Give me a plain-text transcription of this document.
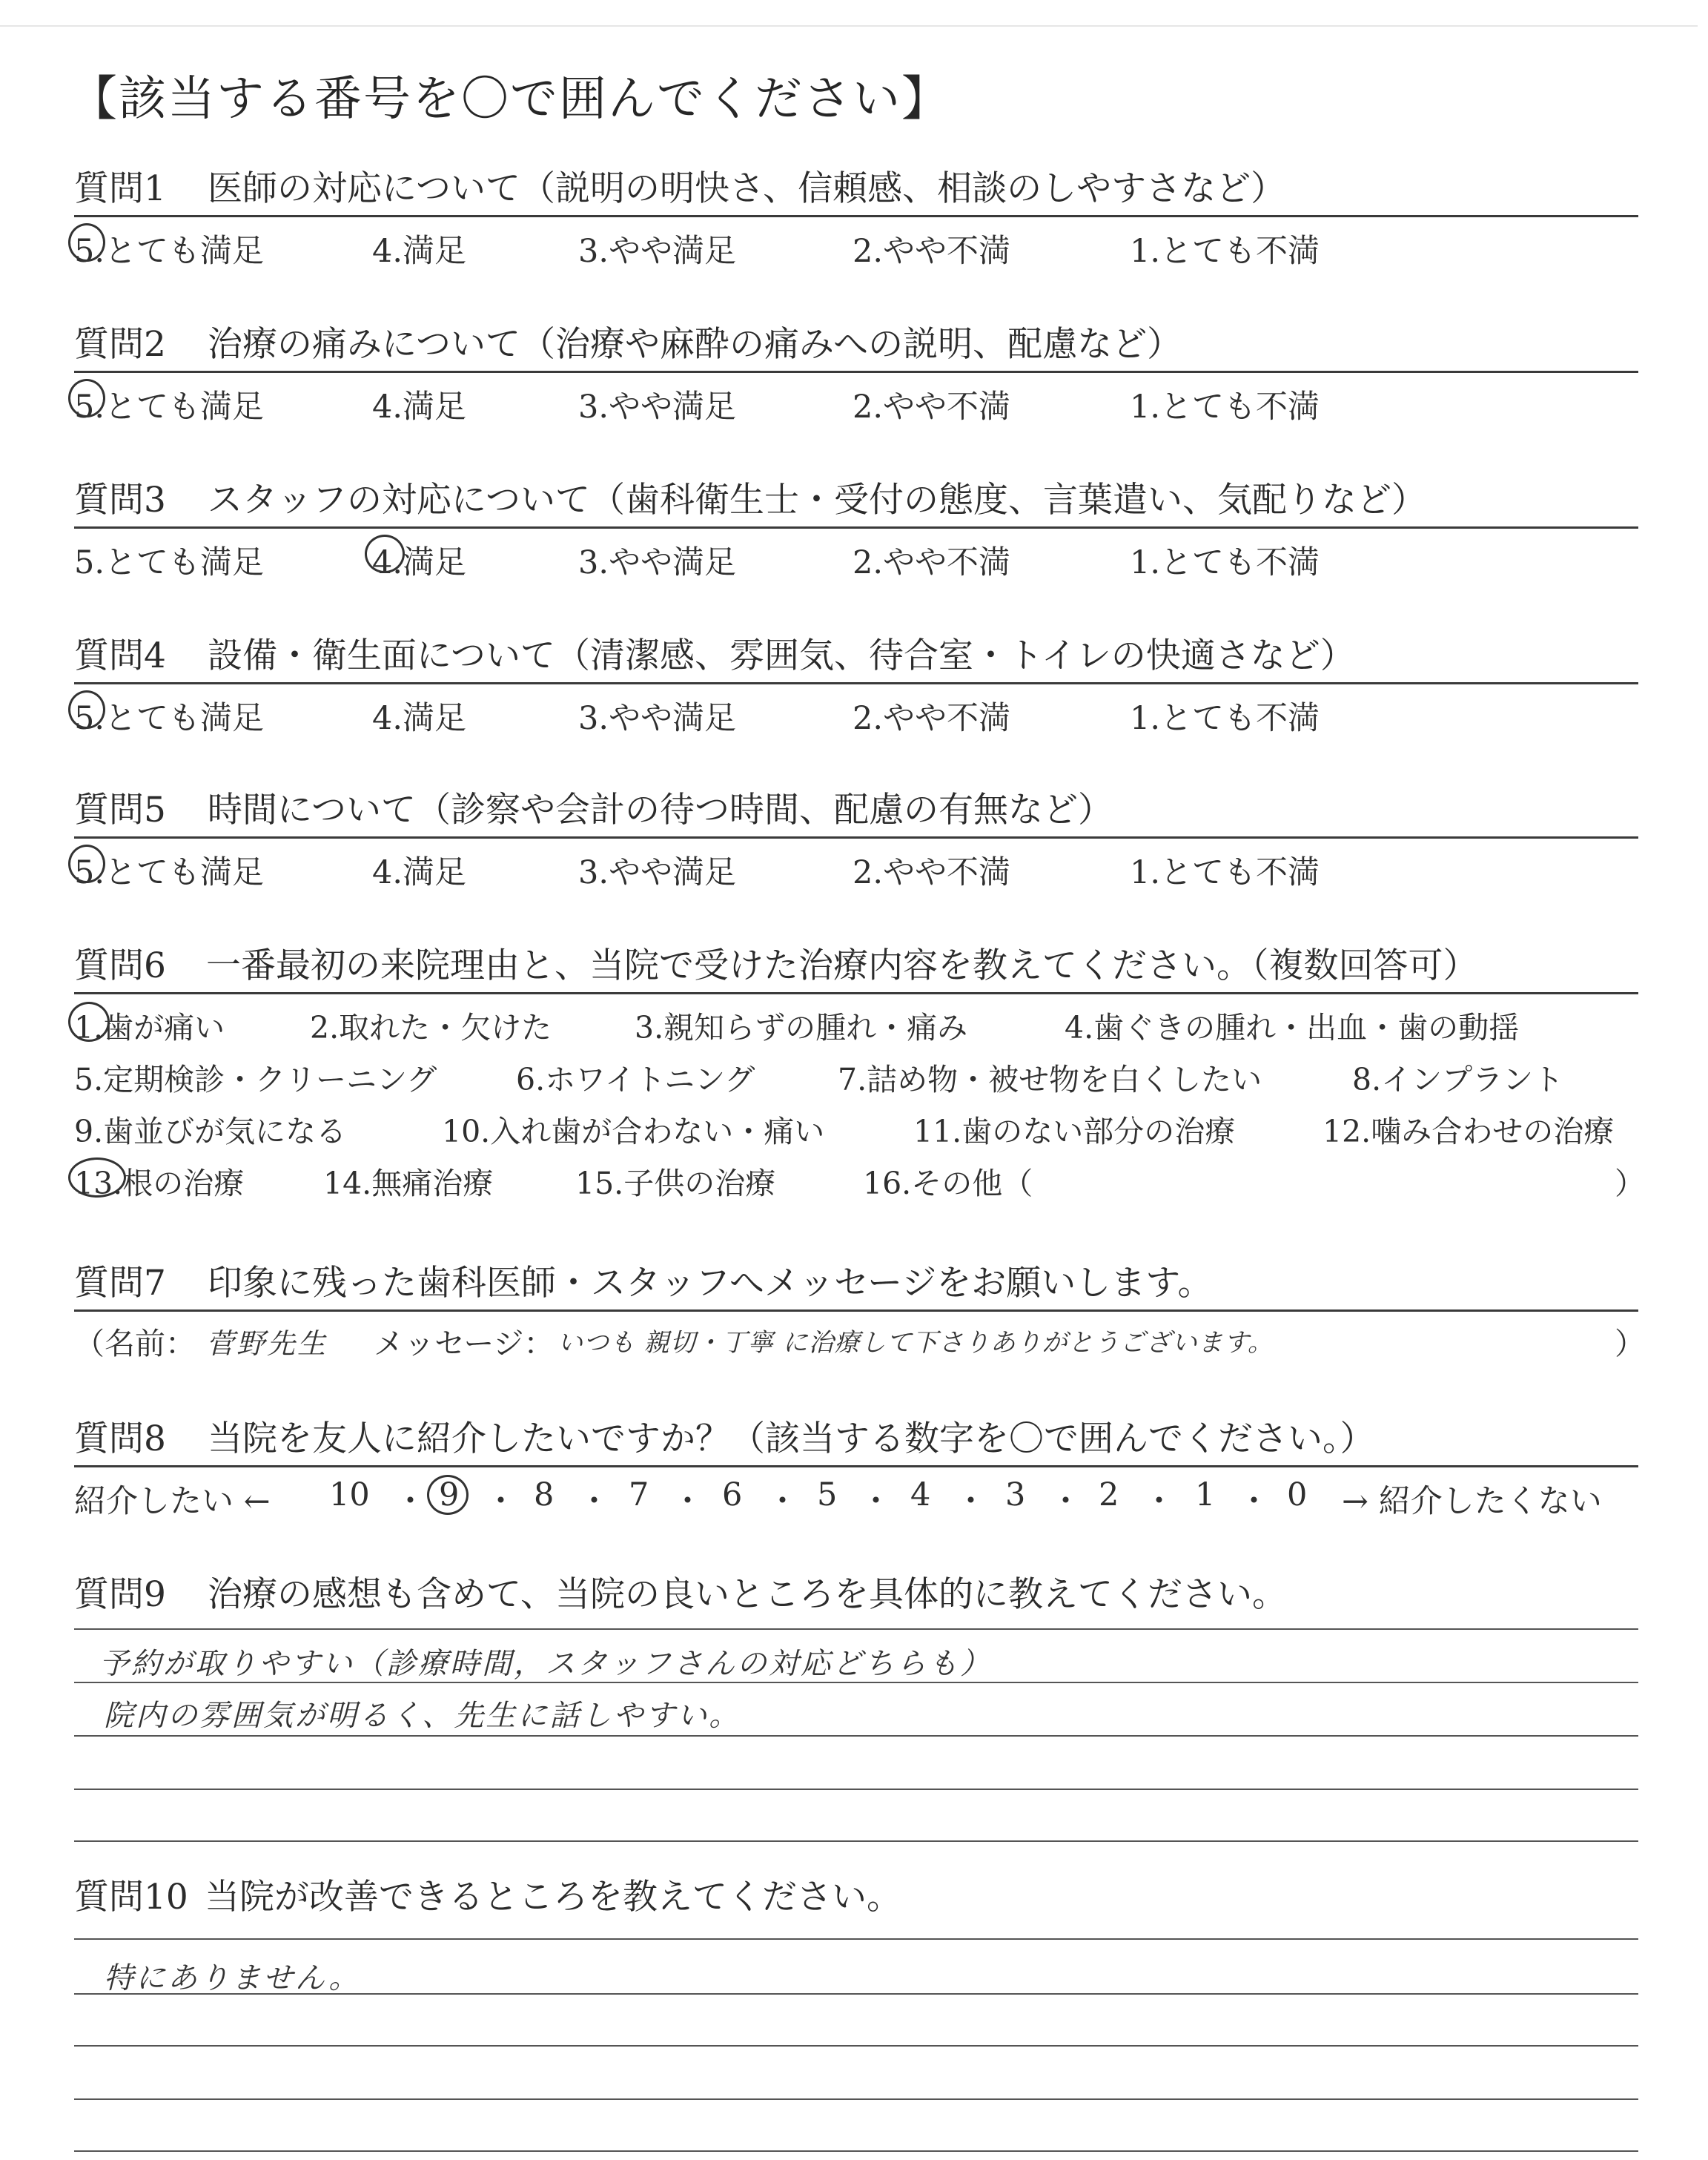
【該当する番号を〇で囲んでください】
質問1 医師の対応について（説明の明快さ、信頼感、相談のしやすさなど）
5.とても満足	4.満足	3.やや満足	2.やや不満	1.とても不満
質問2 治療の痛みについて（治療や麻酔の痛みへの説明、配慮など）
5.とても満足	4.満足	3.やや満足	2.やや不満	1.とても不満
質問3 スタッフの対応について（歯科衛生士・受付の態度、言葉遣い、気配りなど）
5.とても満足	4.満足	3.やや満足	2.やや不満	1.とても不満
質問4 設備・衛生面について（清潔感、雰囲気、待合室・トイレの快適さなど）
5.とても満足	4.満足	3.やや満足	2.やや不満	1.とても不満
質問5 時間について（診察や会計の待つ時間、配慮の有無など）
5.とても満足	4.満足	3.やや満足	2.やや不満	1.とても不満
質問6 一番最初の来院理由と、当院で受けた治療内容を教えてください。（複数回答可）
1.歯が痛い	2.取れた・欠けた	3.親知らずの腫れ・痛み	4.歯ぐきの腫れ・出血・歯の動揺
5.定期検診・クリーニング	6.ホワイトニング	7.詰め物・被せ物を白くしたい	8.インプラント
9.歯並びが気になる	10.入れ歯が合わない・痛い	11.歯のない部分の治療	12.噛み合わせの治療
13.根の治療	14.無痛治療	15.子供の治療	16.その他（	）
質問7 印象に残った歯科医師・スタッフへメッセージをお願いします。
（名前： 菅野先生 メッセージ： いつも 親切・丁寧 に治療して下さりありがとうございます。	）
質問8 当院を友人に紹介したいですか？（該当する数字を〇で囲んでください。）
紹介したい ← 10 ・ 9 ・ 8 ・ 7 ・ 6 ・ 5 ・ 4 ・ 3 ・ 2 ・ 1 ・ 0 → 紹介したくない
質問9 治療の感想も含めて、当院の良いところを具体的に教えてください。
予約が取りやすい（診療時間，スタッフさんの対応どちらも）
院内の雰囲気が明るく、先生に話しやすい。
質問10 当院が改善できるところを教えてください。
特にありません。
